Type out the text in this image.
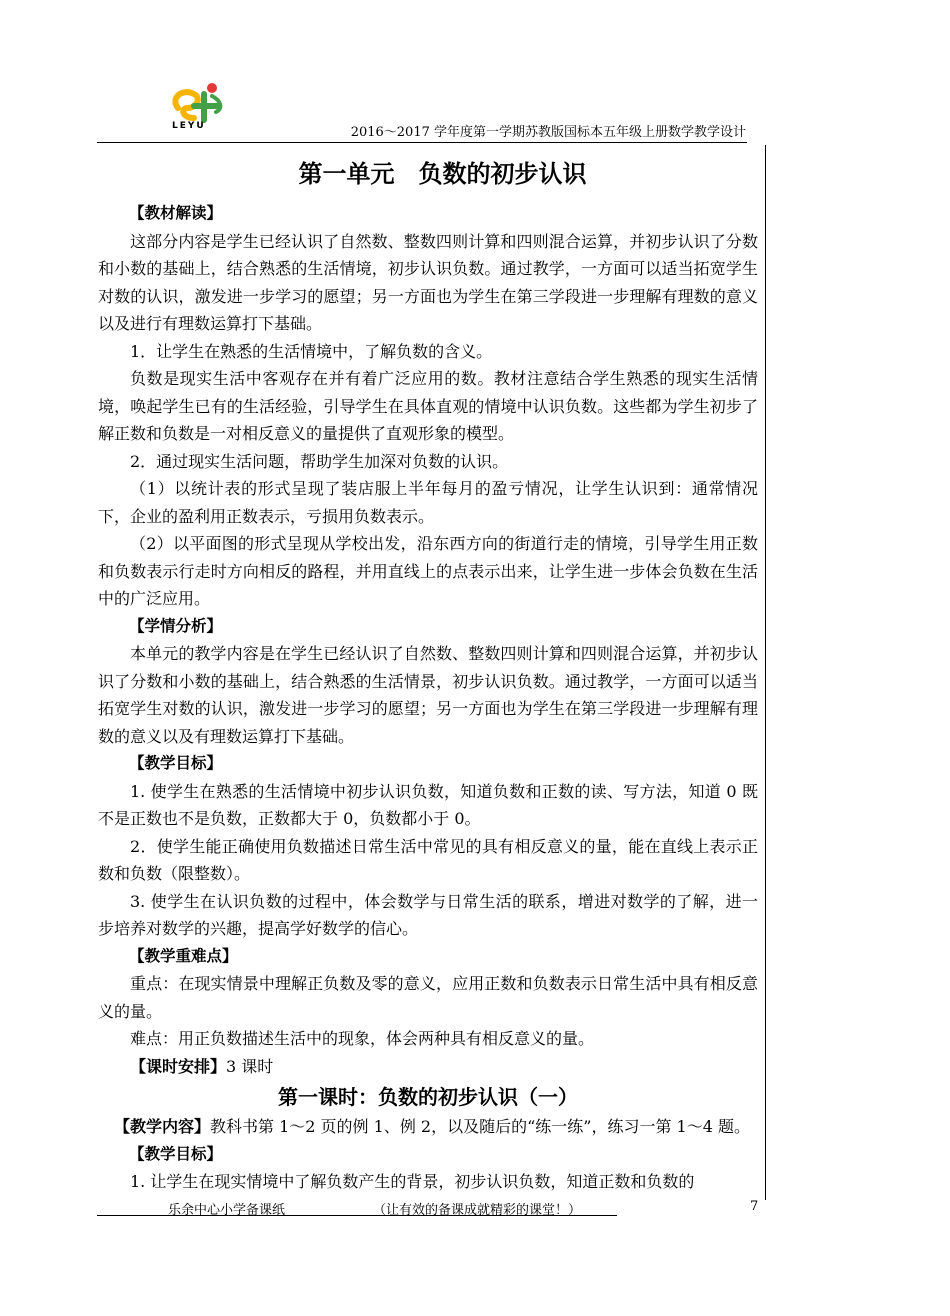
LEYU	2016～2017 学年度第一学期苏教版国标本五年级上册数学教学设计
第一单元　负数的初步认识

【教材解读】

这部分内容是学生已经认识了自然数、整数四则计算和四则混合运算，并初步认识了分数和小数的基础上，结合熟悉的生活情境，初步认识负数。通过教学，一方面可以适当拓宽学生对数的认识，激发进一步学习的愿望；另一方面也为学生在第三学段进一步理解有理数的意义以及进行有理数运算打下基础。

1．让学生在熟悉的生活情境中，了解负数的含义。

负数是现实生活中客观存在并有着广泛应用的数。教材注意结合学生熟悉的现实生活情境，唤起学生已有的生活经验，引导学生在具体直观的情境中认识负数。这些都为学生初步了解正数和负数是一对相反意义的量提供了直观形象的模型。

2．通过现实生活问题，帮助学生加深对负数的认识。

（1）以统计表的形式呈现了装店服上半年每月的盈亏情况，让学生认识到：通常情况下，企业的盈利用正数表示，亏损用负数表示。

（2）以平面图的形式呈现从学校出发，沿东西方向的街道行走的情境，引导学生用正数和负数表示行走时方向相反的路程，并用直线上的点表示出来，让学生进一步体会负数在生活中的广泛应用。

【学情分析】

本单元的教学内容是在学生已经认识了自然数、整数四则计算和四则混合运算，并初步认识了分数和小数的基础上，结合熟悉的生活情景，初步认识负数。通过教学，一方面可以适当拓宽学生对数的认识，激发进一步学习的愿望；另一方面也为学生在第三学段进一步理解有理数的意义以及有理数运算打下基础。

【教学目标】

1. 使学生在熟悉的生活情境中初步认识负数，知道负数和正数的读、写方法，知道 0 既不是正数也不是负数，正数都大于 0，负数都小于 0。

2．使学生能正确使用负数描述日常生活中常见的具有相反意义的量，能在直线上表示正数和负数（限整数）。

3. 使学生在认识负数的过程中，体会数学与日常生活的联系，增进对数学的了解，进一步培养对数学的兴趣，提高学好数学的信心。

【教学重难点】

重点：在现实情景中理解正负数及零的意义，应用正数和负数表示日常生活中具有相反意义的量。

难点：用正负数描述生活中的现象，体会两种具有相反意义的量。

【课时安排】3 课时

第一课时：负数的初步认识（一）

【教学内容】教科书第 1～2 页的例 1、例 2，以及随后的“练一练”，练习一第 1～4 题。

【教学目标】

1. 让学生在现实情境中了解负数产生的背景，初步认识负数，知道正数和负数的

乐余中心小学备课纸	（让有效的备课成就精彩的课堂！）	7
